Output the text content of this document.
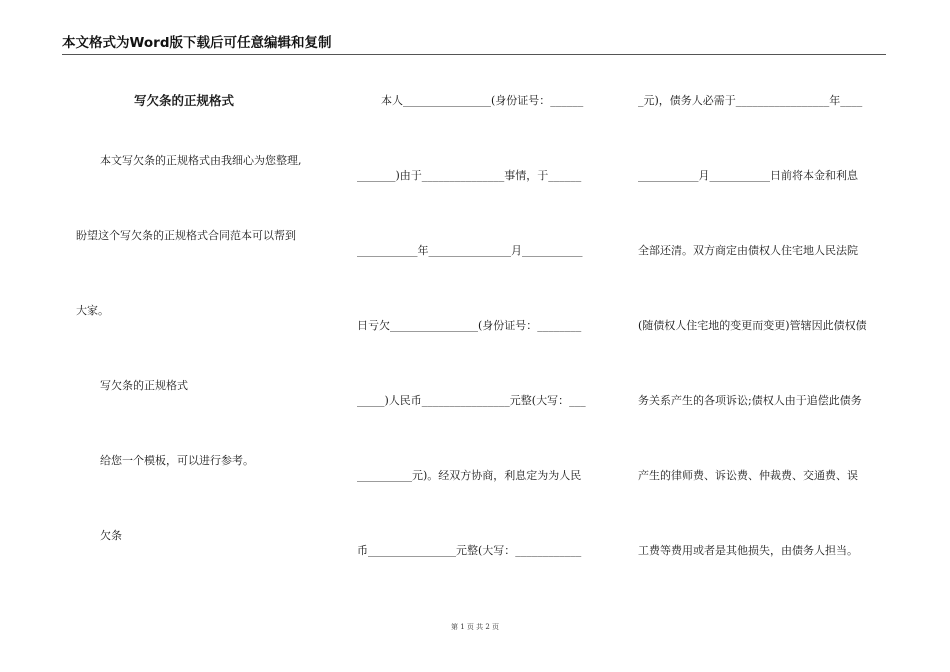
本文格式为Word版下载后可任意编辑和复制
写欠条的正规格式
本文写欠条的正规格式由我细心为您整理,
盼望这个写欠条的正规格式合同范本可以帮到
大家。
写欠条的正规格式
给您一个模板，可以进行参考。
欠条
本人________________(身份证号：______
_______)由于_______________事情，于______
___________年_______________月___________
日亏欠________________(身份证号：________
_____)人民币________________元整(大写：___
__________元)。经双方协商，利息定为为人民
币________________元整(大写：____________
_元)，债务人必需于_________________年____
___________月___________日前将本金和利息
全部还清。双方商定由债权人住宅地人民法院
(随债权人住宅地的变更而变更)管辖因此债权债
务关系产生的各项诉讼;债权人由于追偿此债务
产生的律师费、诉讼费、仲裁费、交通费、误
工费等费用或者是其他损失，由债务人担当。
第 1 页 共 2 页
